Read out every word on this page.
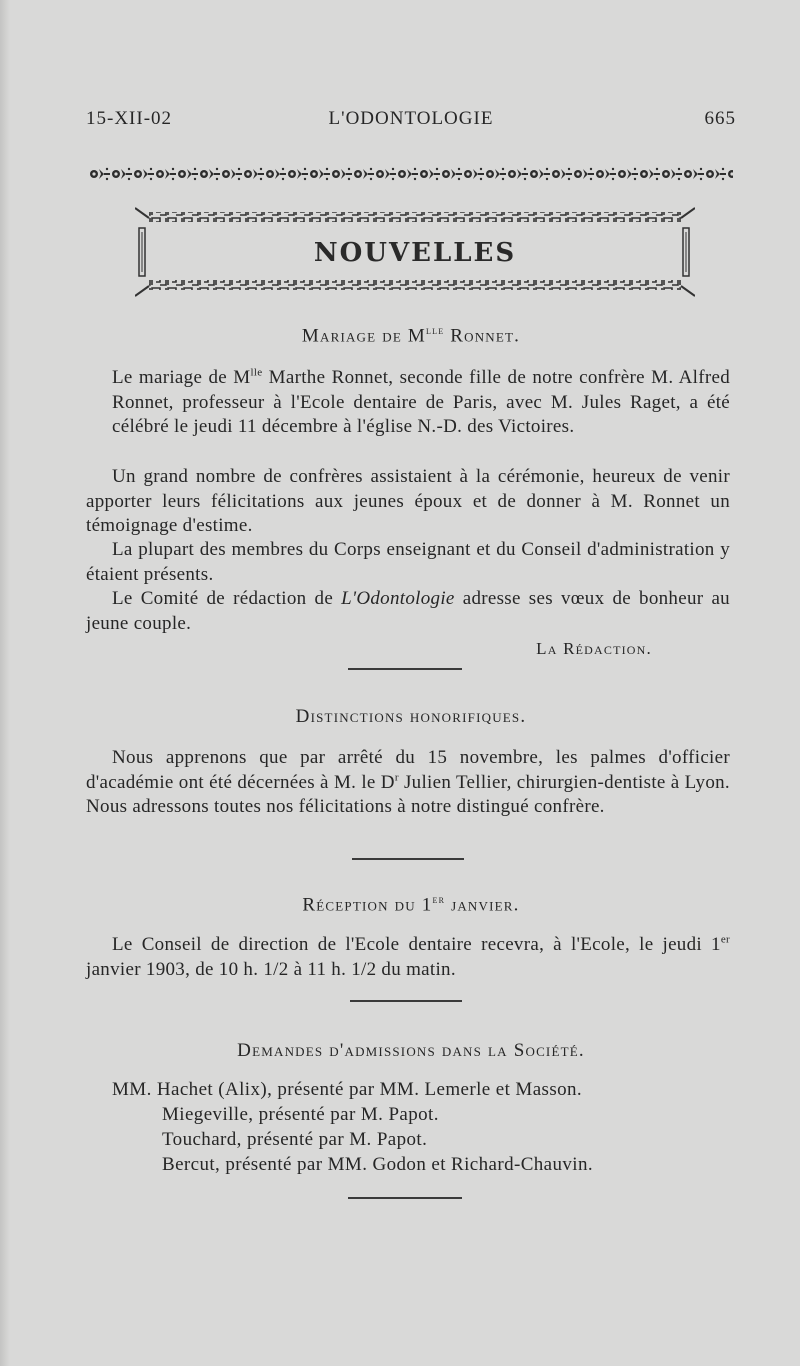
15-XII-02	L'ODONTOLOGIE	665
NOUVELLES
Mariage de $M^{lle}$ Ronnet.
Le mariage de $M^{lle}$ Marthe Ronnet, seconde fille de notre confrère M. Alfred Ronnet, professeur à l'Ecole dentaire de Paris, avec M. Jules Raget, a été célébré le jeudi 11 décembre à l'église N.-D. des Victoires.
Un grand nombre de confrères assistaient à la cérémonie, heureux de venir apporter leurs félicitations aux jeunes époux et de donner à M. Ronnet un témoignage d'estime.
La plupart des membres du Corps enseignant et du Conseil d'administration y étaient présents.
Le Comité de rédaction de L'Odontologie adresse ses vœux de bonheur au jeune couple.
La Rédaction.
Distinctions honorifiques.
Nous apprenons que par arrêté du 15 novembre, les palmes d'officier d'académie ont été décernées à M. le $D^r$ Julien Tellier, chirurgien-dentiste à Lyon. Nous adressons toutes nos félicitations à notre distingué confrère.
Réception du 1er janvier.
Le Conseil de direction de l'Ecole dentaire recevra, à l'Ecole, le jeudi 1er janvier 1903, de 10 h. 1/2 à 11 h. 1/2 du matin.
Demandes d'admissions dans la Société.
MM. Hachet (Alix), présenté par MM. Lemerle et Masson.
Miegeville, présenté par M. Papot.
Touchard, présenté par M. Papot.
Bercut, présenté par MM. Godon et Richard-Chauvin.
